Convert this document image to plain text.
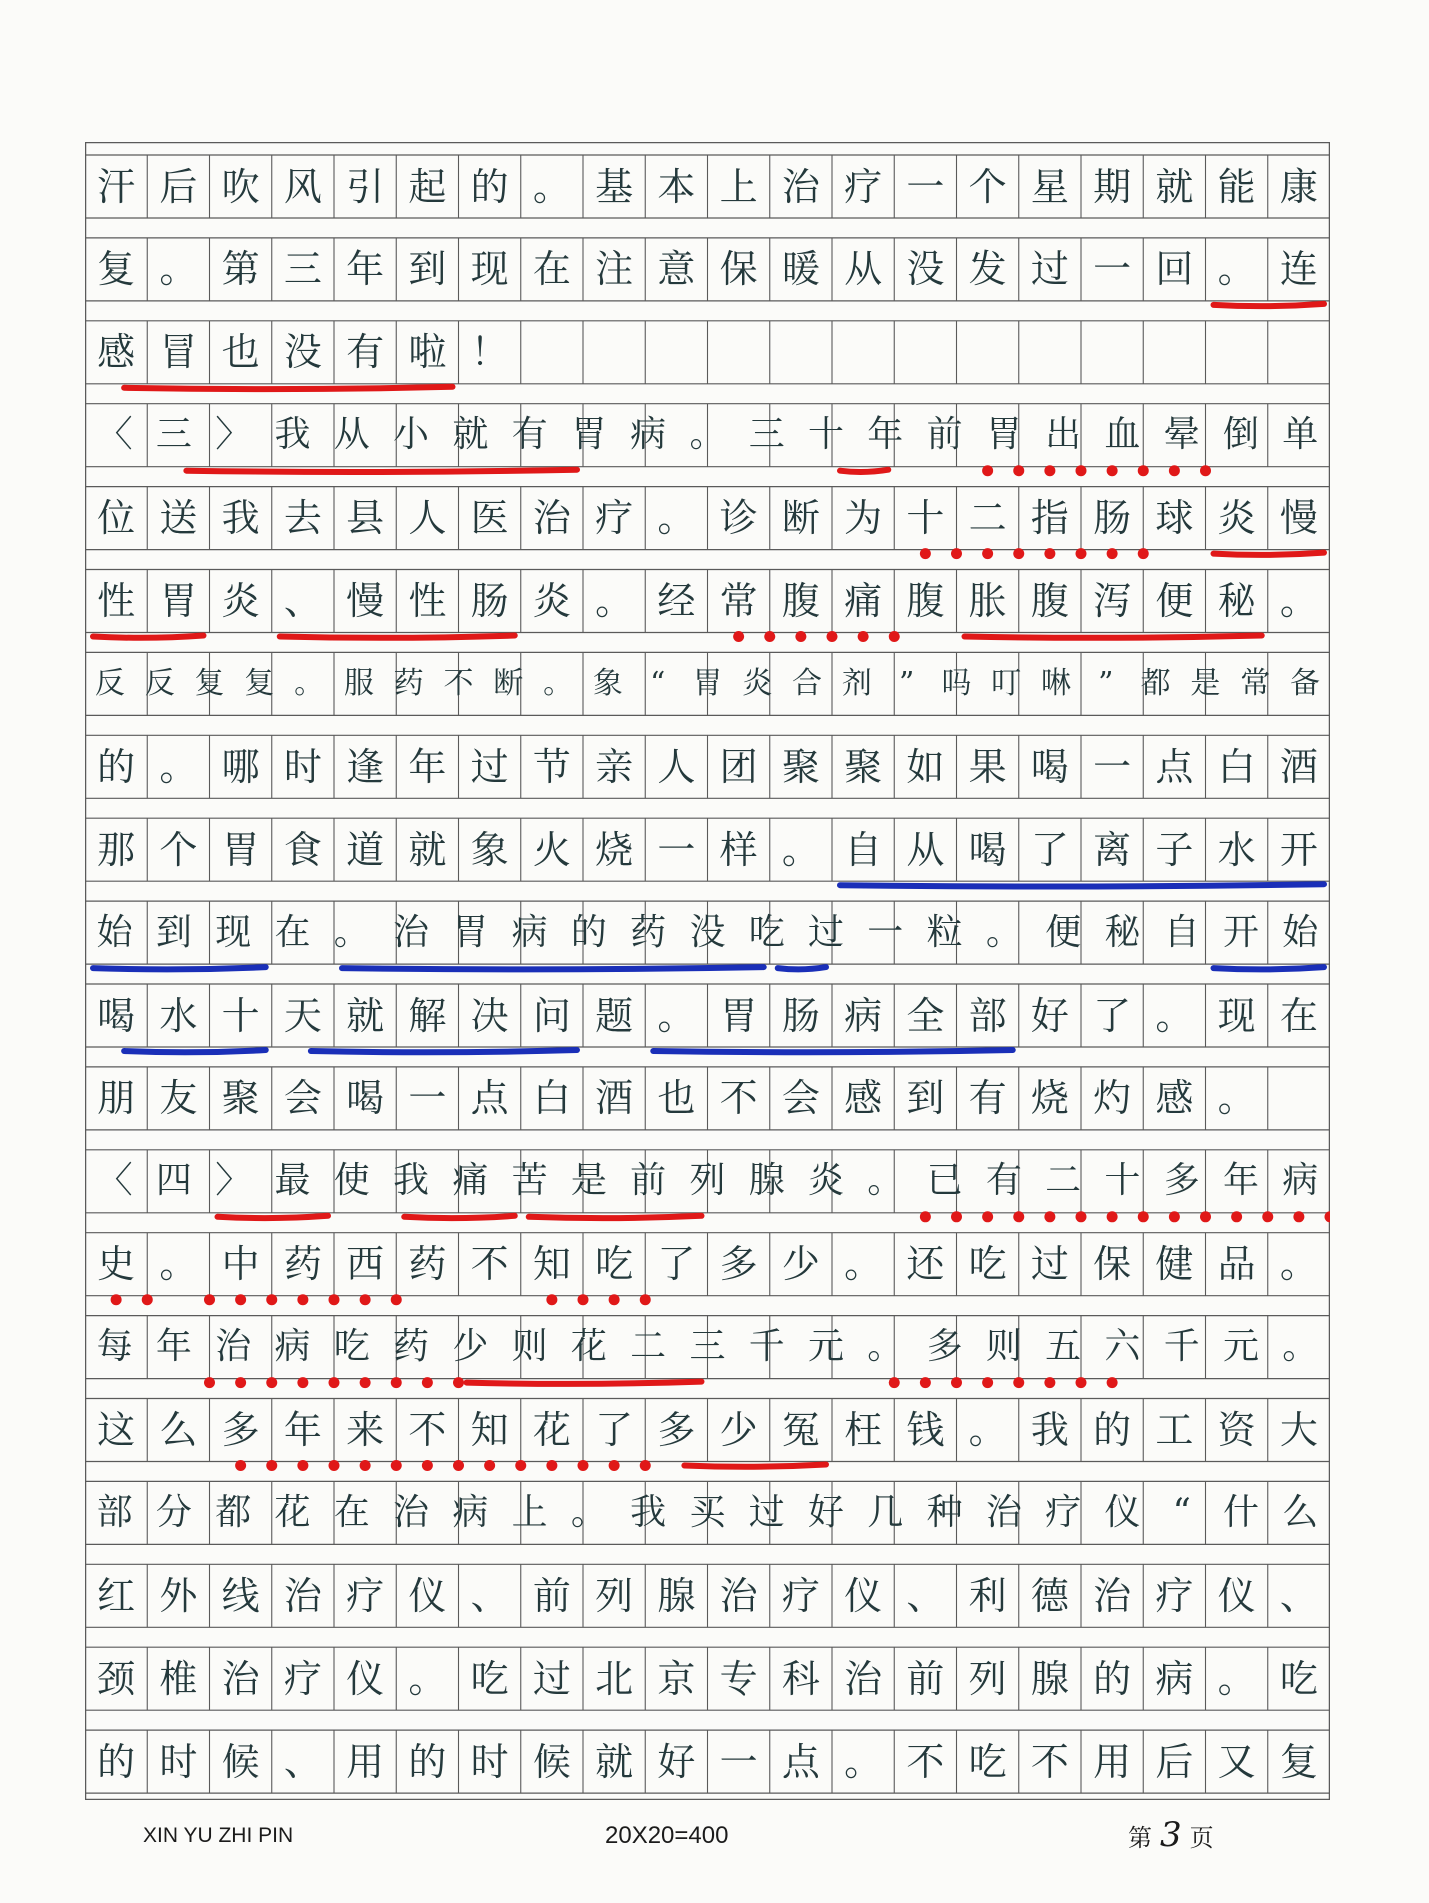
汗 后 吹 风 引 起 的 。 基 本 上 治 疗 一 个 星 期 就 能 康
复 。 第 三 年 到 现 在 注 意 保 暖 从 没 发 过 一 回 。 连
感 冒 也 没 有 啦 ！
〈 三 〉 我 从 小 就 有 胃 病 。 三 十 年 前 胃 出 血 晕 倒 单
位 送 我 去 县 人 医 治 疗 。 诊 断 为 十 二 指 肠 球 炎 慢
性 胃 炎 、 慢 性 肠 炎 。 经 常 腹 痛 腹 胀 腹 泻 便 秘 。
反 反 复 复 。 服 药 不 断 。 象 “ 胃 炎 合 剂 ” 吗 叮 啉 ” 都 是 常 备
的 。 哪 时 逢 年 过 节 亲 人 团 聚 聚 如 果 喝 一 点 白 酒
那 个 胃 食 道 就 象 火 烧 一 样 。 自 从 喝 了 离 子 水 开
始 到 现 在 。 治 胃 病 的 药 没 吃 过 一 粒 。 便 秘 自 开 始
喝 水 十 天 就 解 决 问 题 。 胃 肠 病 全 部 好 了 。 现 在
朋 友 聚 会 喝 一 点 白 酒 也 不 会 感 到 有 烧 灼 感 。
〈 四 〉 最 使 我 痛 苦 是 前 列 腺 炎 。 已 有 二 十 多 年 病
史 。 中 药 西 药 不 知 吃 了 多 少 。 还 吃 过 保 健 品 。
每 年 治 病 吃 药 少 则 花 二 三 千 元 。 多 则 五 六 千 元 。
这 么 多 年 来 不 知 花 了 多 少 冤 枉 钱 。 我 的 工 资 大
部 分 都 花 在 治 病 上 。 我 买 过 好 几 种 治 疗 仪 “ 什 么
红 外 线 治 疗 仪 、 前 列 腺 治 疗 仪 、 利 德 治 疗 仪 、
颈 椎 治 疗 仪 。 吃 过 北 京 专 科 治 前 列 腺 的 病 。 吃
的 时 候 、 用 的 时 候 就 好 一 点 。 不 吃 不 用 后 又 复
XIN YU ZHI PIN	20X20=400	第 3 页
